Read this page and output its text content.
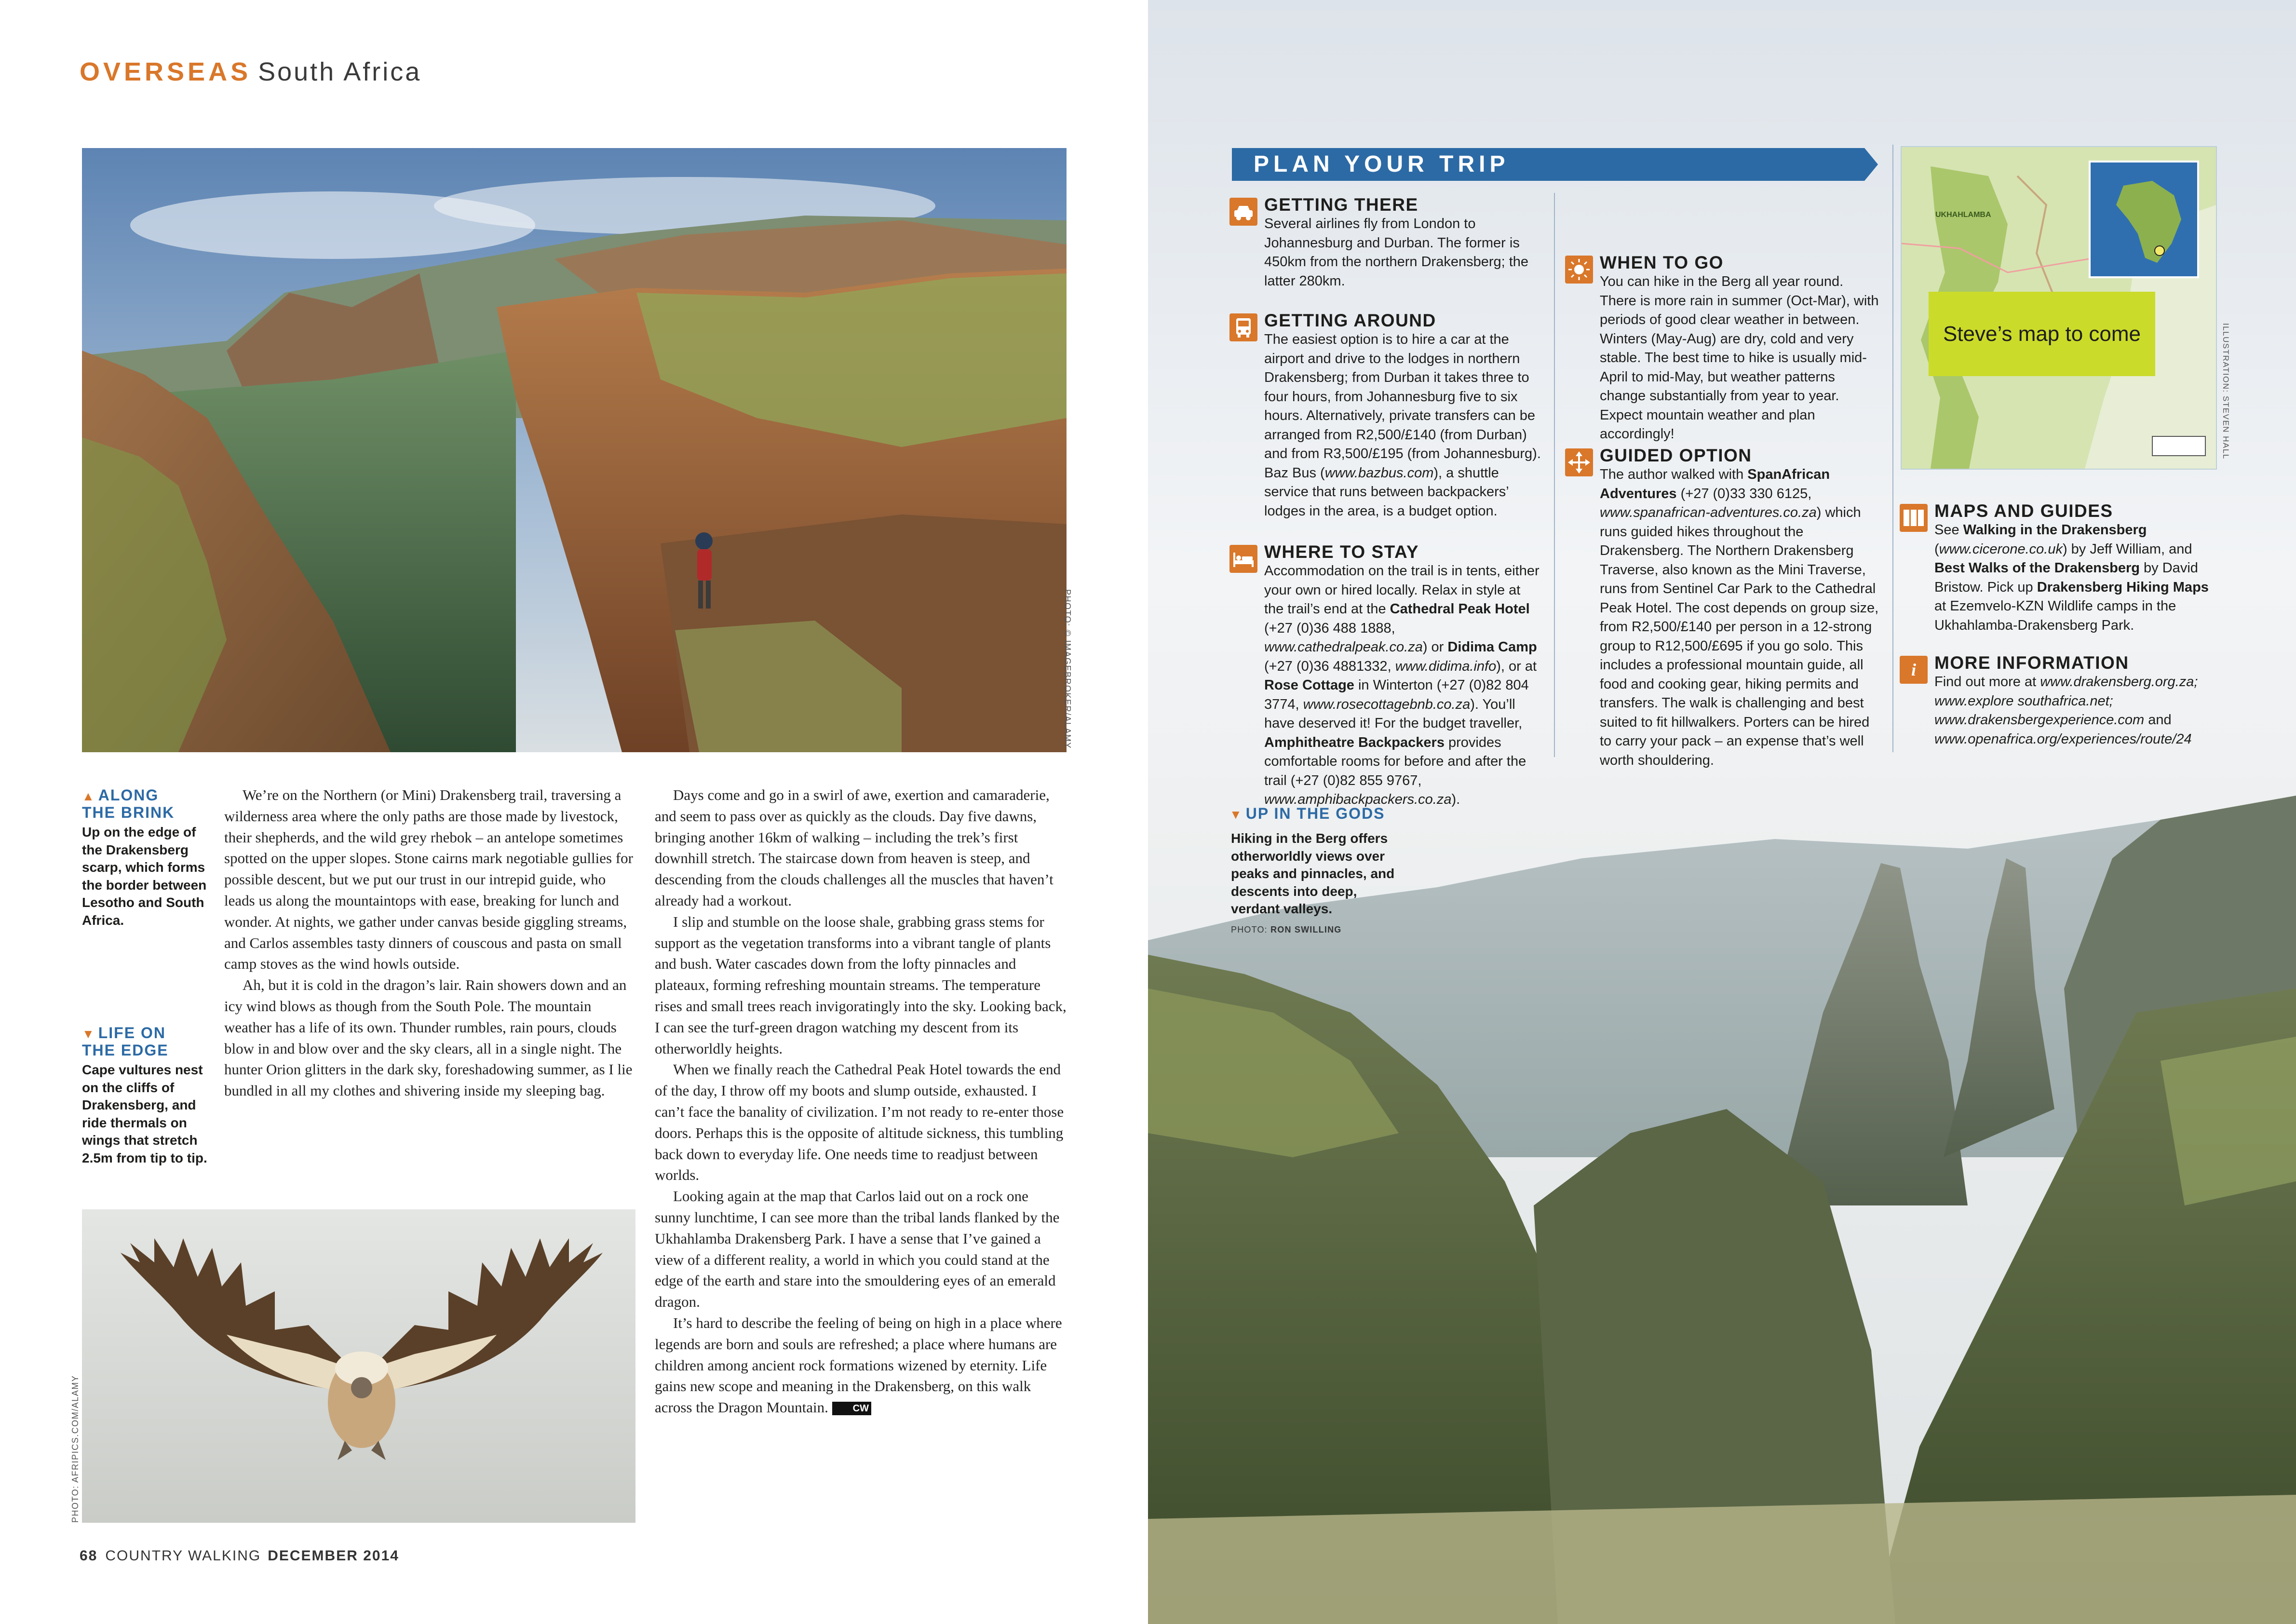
OVERSEAS South Africa
PHOTO: © IMAGEBROKER/ALAMY
▲ ALONG
THE BRINK
Up on the edge of the Drakensberg scarp, which forms the border between Lesotho and South Africa.
▼ LIFE ON
THE EDGE
Cape vultures nest on the cliffs of Drakensberg, and ride thermals on wings that stretch 2.5m from tip to tip.

We’re on the Northern (or Mini) Drakensberg trail, traversing a wilderness area where the only paths are those made by livestock, their shepherds, and the wild grey rhebok – an antelope sometimes spotted on the upper slopes. Stone cairns mark negotiable gullies for possible descent, but we put our trust in our intrepid guide, who leads us along the mountaintops with ease, breaking for lunch and wonder. At nights, we gather under canvas beside giggling streams, and Carlos assembles tasty dinners of couscous and pasta on small camp stoves as the wind howls outside.

Ah, but it is cold in the dragon’s lair. Rain showers down and an icy wind blows as though from the South Pole. The mountain weather has a life of its own. Thunder rumbles, rain pours, clouds blow in and blow over and the sky clears, all in a single night. The hunter Orion glitters in the dark sky, foreshadowing summer, as I lie bundled in all my clothes and shivering inside my sleeping bag.

Days come and go in a swirl of awe, exertion and camaraderie, and seem to pass over as quickly as the clouds. Day five dawns, bringing another 16km of walking – including the trek’s first downhill stretch. The staircase down from heaven is steep, and descending from the clouds challenges all the muscles that haven’t already had a workout.

I slip and stumble on the loose shale, grabbing grass stems for support as the vegetation transforms into a vibrant tangle of plants and bush. Water cascades down from the lofty pinnacles and plateaux, forming refreshing mountain streams. The temperature rises and small trees reach invigoratingly into the sky. Looking back, I can see the turf-green dragon watching my descent from its otherworldly heights.

When we finally reach the Cathedral Peak Hotel towards the end of the day, I throw off my boots and slump outside, exhausted. I can’t face the banality of civilization. I’m not ready to re-enter those doors. Perhaps this is the opposite of altitude sickness, this tumbling back down to everyday life. One needs time to readjust between worlds.

Looking again at the map that Carlos laid out on a rock one sunny lunchtime, I can see more than the tribal lands flanked by the Ukhahlamba Drakensberg Park. I have a sense that I’ve gained a view of a different reality, a world in which you could stand at the edge of the earth and stare into the smouldering eyes of an emerald dragon.

It’s hard to describe the feeling of being on high in a place where legends are born and souls are refreshed; a place where humans are children among ancient rock formations wizened by eternity. Life gains new scope and meaning in the Drakensberg, on this walk across the Dragon Mountain.	CW

PHOTO: AFRIPICS.COM/ALAMY
68 COUNTRY WALKING DECEMBER 2014
PLAN YOUR TRIP

GETTING THERE

Several airlines fly from London to Johannesburg and Durban. The former is 450km from the northern Drakensberg; the latter 280km.

GETTING AROUND

The easiest option is to hire a car at the airport and drive to the lodges in northern Drakensberg; from Durban it takes three to four hours, from Johannesburg five to six hours. Alternatively, private transfers can be arranged from R2,500/£140 (from Durban) and from R3,500/£195 (from Johannesburg). Baz Bus (www.bazbus.com), a shuttle service that runs between backpackers’ lodges in the area, is a budget option.

WHERE TO STAY

Accommodation on the trail is in tents, either your own or hired locally. Relax in style at the trail’s end at the Cathedral Peak Hotel (+27 (0)36 488 1888, www.cathedralpeak.co.za) or Didima Camp (+27 (0)36 4881332, www.didima.info), or at Rose Cottage in Winterton (+27 (0)82 804 3774, www.rosecottagebnb.co.za). You’ll have deserved it! For the budget traveller, Amphitheatre Backpackers provides comfortable rooms for before and after the trail (+27 (0)82 855 9767, www.amphibackpackers.co.za).

WHEN TO GO

You can hike in the Berg all year round. There is more rain in summer (Oct-Mar), with periods of good clear weather in between. Winters (May-Aug) are dry, cold and very stable. The best time to hike is usually mid-April to mid-May, but weather patterns change substantially from year to year. Expect mountain weather and plan accordingly!

GUIDED OPTION

The author walked with SpanAfrican Adventures (+27 (0)33 330 6125, www.spanafrican-adventures.co.za) which runs guided hikes throughout the Drakensberg. The Northern Drakensberg Traverse, also known as the Mini Traverse, runs from Sentinel Car Park to the Cathedral Peak Hotel. The cost depends on group size, from R2,500/£140 per person in a 12-strong group to R12,500/£695 if you go solo. This includes a professional mountain guide, all food and cooking gear, hiking permits and transfers. The walk is challenging and best suited to fit hillwalkers. Porters can be hired to carry your pack – an expense that’s well worth shouldering.

UKHAHLAMBA
Steve’s map to come	ILLUSTRATION: STEVEN HALL

MAPS AND GUIDES

See Walking in the Drakensberg (www.cicerone.co.uk) by Jeff William, and Best Walks of the Drakensberg by David Bristow. Pick up Drakensberg Hiking Maps at Ezemvelo-KZN Wildlife camps in the Ukhahlamba-Drakensberg Park.

i	MORE INFORMATION

Find out more at www.drakensberg.org.za; www.explore southafrica.net; www.drakensbergexperience.com and www.openafrica.org/experiences/route/24

▼ UP IN THE GODS
Hiking in the Berg offers otherworldly views over peaks and pinnacles, and descents into deep, verdant valleys.
PHOTO: RON SWILLING
